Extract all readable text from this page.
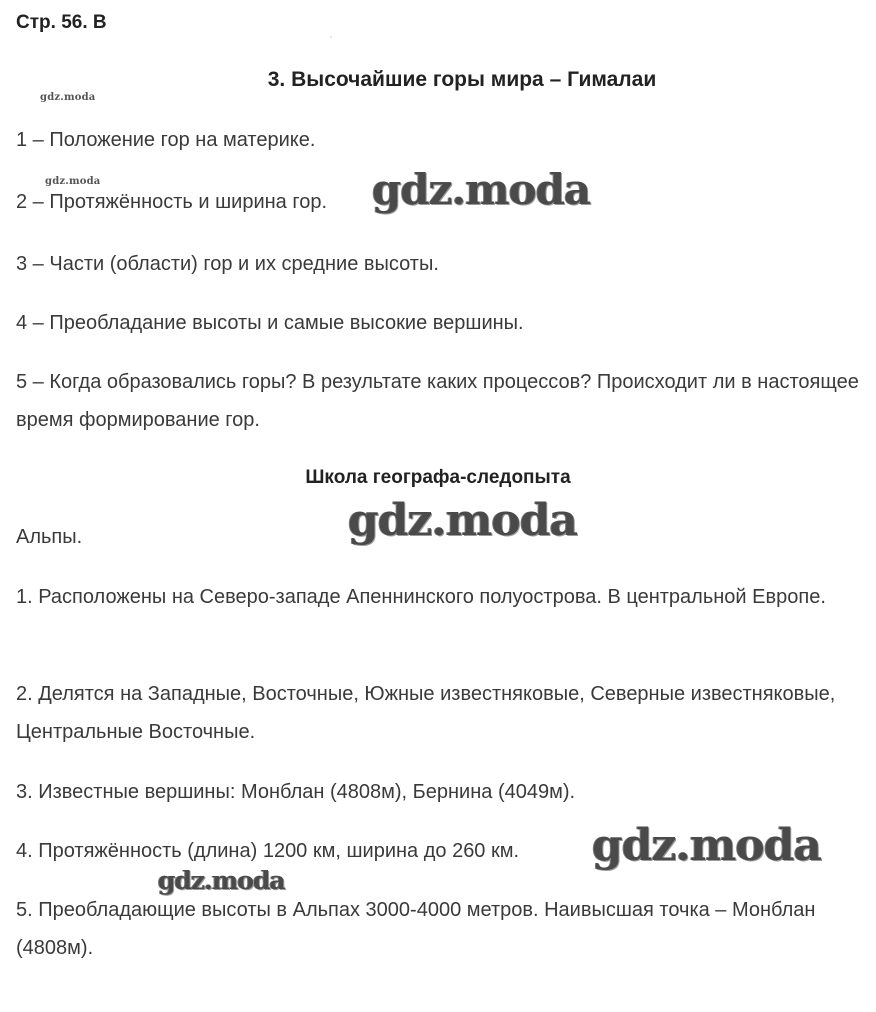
Стр. 56. В
3. Высочайшие горы мира – Гималаи
1 – Положение гор на материке.
2 – Протяжённость и ширина гор.
3 – Части (области) гор и их средние высоты.
4 – Преобладание высоты и самые высокие вершины.
5 – Когда образовались горы? В результате каких процессов? Происходит ли в настоящее время формирование гор.
Школа географа-следопыта
Альпы.
1. Расположены на Северо-западе Апеннинского полуострова. В центральной Европе.
2. Делятся на Западные, Восточные, Южные известняковые, Северные известняковые, Центральные Восточные.
3. Известные вершины: Монблан (4808м), Бернина (4049м).
4. Протяжённость (длина) 1200 км, ширина до 260 км.
5. Преобладающие высоты в Альпах 3000-4000 метров. Наивысшая точка – Монблан (4808м).
gdz.moda
gdz.moda	gdz.moda
gdz.moda
gdz.moda
gdz.moda
